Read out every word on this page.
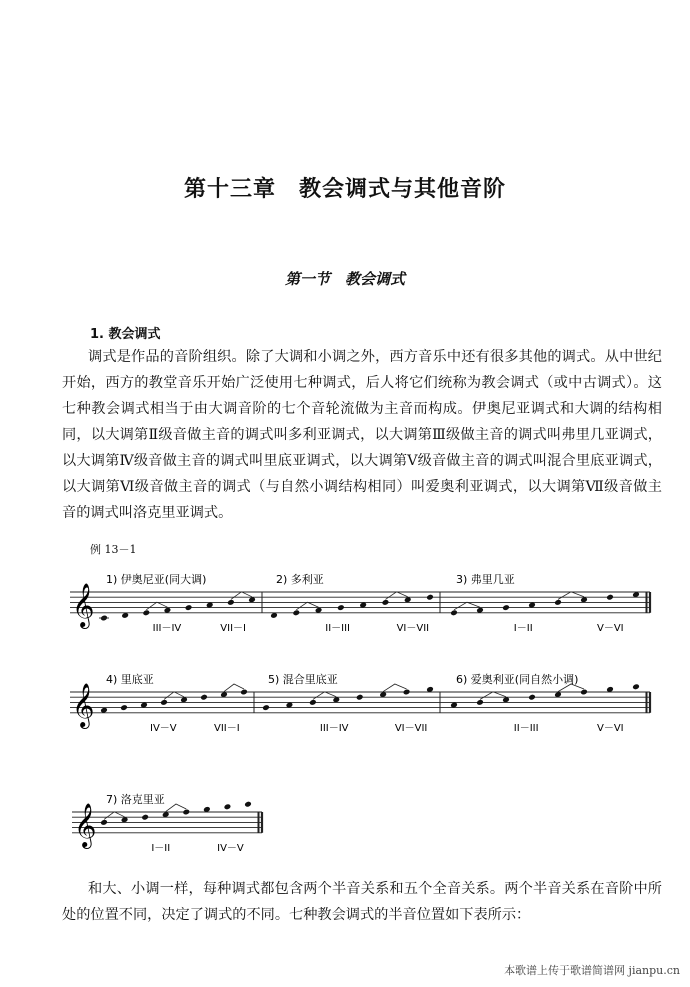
第十三章　教会调式与其他音阶
第一节　教会调式
1. 教会调式
调式是作品的音阶组织。除了大调和小调之外，西方音乐中还有很多其他的调式。从中世纪开始，西方的教堂音乐开始广泛使用七种调式，后人将它们统称为教会调式（或中古调式）。这七种教会调式相当于由大调音阶的七个音轮流做为主音而构成。伊奥尼亚调式和大调的结构相同，以大调第Ⅱ级音做主音的调式叫多利亚调式，以大调第Ⅲ级做主音的调式叫弗里几亚调式，以大调第Ⅳ级音做主音的调式叫里底亚调式，以大调第Ⅴ级音做主音的调式叫混合里底亚调式，以大调第Ⅵ级音做主音的调式（与自然小调结构相同）叫爱奥利亚调式，以大调第Ⅶ级音做主音的调式叫洛克里亚调式。
例 13－1
𝄞
1) 伊奥尼亚(同大调)
III－IV	VII－I
2) 多利亚
II－III	VI－VII
3) 弗里几亚
I－II	V－VI
𝄞
4) 里底亚
IV－V	VII－I
5) 混合里底亚
III－IV	VI－VII
6) 爱奥利亚(同自然小调)
II－III	V－VI
𝄞
7) 洛克里亚
I－II	IV－V
和大、小调一样，每种调式都包含两个半音关系和五个全音关系。两个半音关系在音阶中所处的位置不同，决定了调式的不同。七种教会调式的半音位置如下表所示：
本歌谱上传于歌谱简谱网 jianpu.cn
